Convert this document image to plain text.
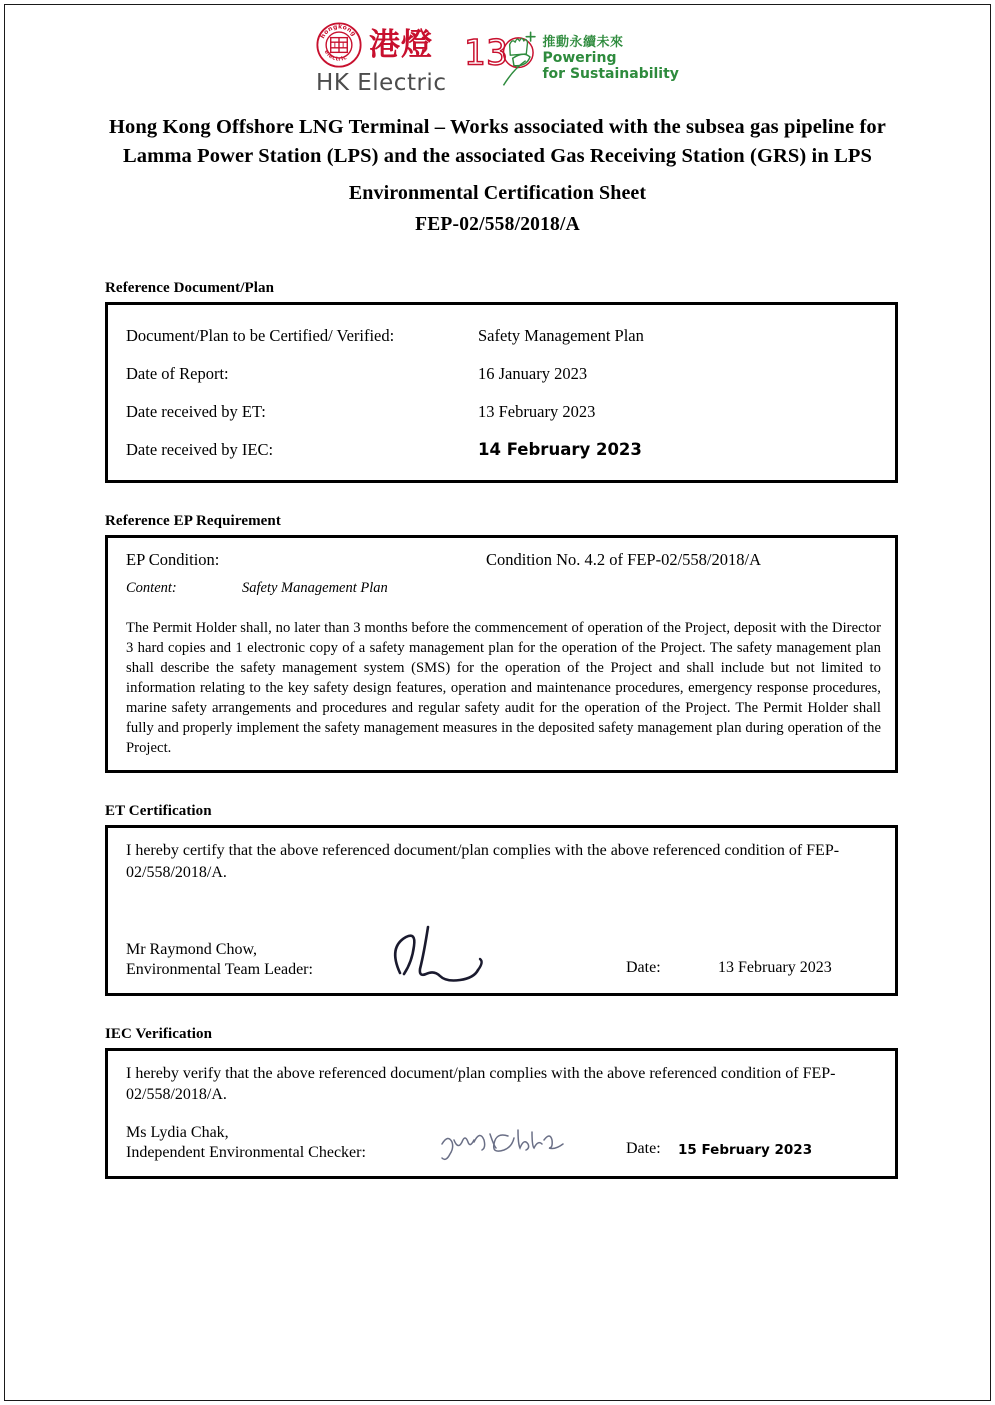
hongkong
electric 港燈
HK Electric
13	推動永續未來
Powering
for Sustainability
Hong Kong Offshore LNG Terminal – Works associated with the subsea gas pipeline for Lamma Power Station (LPS) and the associated Gas Receiving Station (GRS) in LPS
Environmental Certification Sheet
FEP-02/558/2018/A
Reference Document/Plan
Document/Plan to be Certified/ Verified:	Safety Management Plan
Date of Report:	16 January 2023
Date received by ET:	13 February 2023
Date received by IEC:	14 February 2023
Reference EP Requirement
EP Condition:	Condition No. 4.2 of FEP-02/558/2018/A
Content:	Safety Management Plan
The Permit Holder shall, no later than 3 months before the commencement of operation of the Project, deposit with the Director 3 hard copies and 1 electronic copy of a safety management plan for the operation of the Project. The safety management plan shall describe the safety management system (SMS) for the operation of the Project and shall include but not limited to information relating to the key safety design features, operation and maintenance procedures, emergency response procedures, marine safety arrangements and procedures and regular safety audit for the operation of the Project. The Permit Holder shall fully and properly implement the safety management measures in the deposited safety management plan during operation of the Project.
ET Certification
I hereby certify that the above referenced document/plan complies with the above referenced condition of FEP-02/558/2018/A.
Mr Raymond Chow,
Environmental Team Leader:	Date:	13 February 2023
IEC Verification
I hereby verify that the above referenced document/plan complies with the above referenced condition of FEP-02/558/2018/A.
Ms Lydia Chak,
Independent Environmental Checker:	Date:	15 February 2023
